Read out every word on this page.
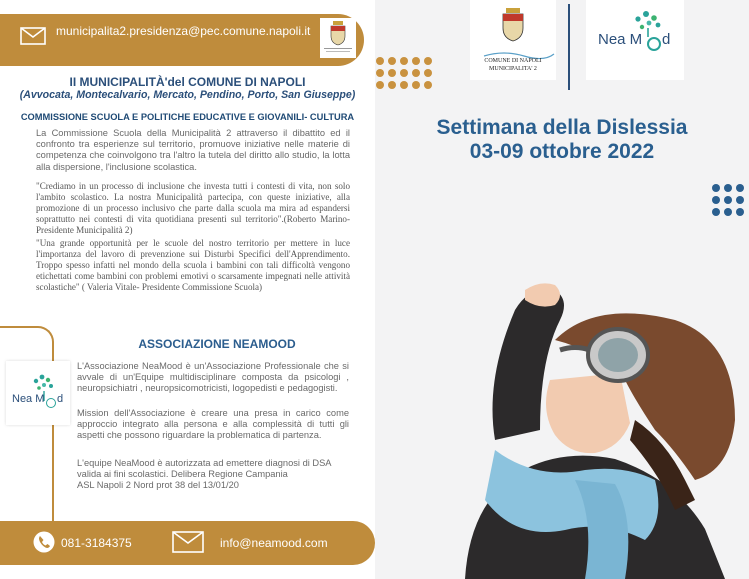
municipalita2.presidenza@pec.comune.napoli.it
II MUNICIPALITÀ'del COMUNE DI NAPOLI
(Avvocata, Montecalvario, Mercato, Pendino, Porto, San Giuseppe)
COMMISSIONE SCUOLA E POLITICHE EDUCATIVE E GIOVANILI- CULTURA
La Commissione Scuola della Municipalità 2 attraverso il dibattito ed il confronto tra esperienze sul territorio, promuove iniziative nelle materie di competenza che coinvolgono tra l'altro la tutela del diritto allo studio, la lotta alla dispersione, l'inclusione scolastica.
"Crediamo in un processo di inclusione che investa tutti i contesti di vita, non solo l'ambito scolastico. La nostra Municipalità partecipa, con queste iniziative, alla promozione di un processo inclusivo che parte dalla scuola ma mira ad espandersi soprattutto nei contesti di vita quotidiana presenti sul territorio".(Roberto Marino- Presidente Municipalità 2)
"Una grande opportunità per le scuole del nostro territorio per mettere in luce l'importanza del lavoro di prevenzione sui Disturbi Specifici dell'Apprendimento. Troppo spesso infatti nel mondo della scuola i bambini con tali difficoltà vengono etichettati come bambini con problemi emotivi o scarsamente impegnati nelle attività scolastiche" ( Valeria Vitale- Presidente Commissione Scuola)
Nea M d
ASSOCIAZIONE NEAMOOD
L'Associazione NeaMood è un'Associazione Professionale che si avvale di un'Equipe multidisciplinare composta da psicologi , neuropsichiatri , neuropsicomotricisti, logopedisti e pedagogisti.
Mission dell'Associazione è creare una presa in carico come approccio integrato alla persona e alla complessità di tutti gli aspetti che possono riguardare la problematica di partenza.
L'equipe NeaMood è autorizzata ad emettere diagnosi di DSA valida ai fini scolastici. Delibera Regione Campania
ASL Napoli 2 Nord prot 38 del 13/01/20
081-3184375	info@neamood.com
COMUNE DI NAPOLI
MUNICIPALITA' 2
Nea M d
Settimana della Dislessia
03-09 ottobre 2022
